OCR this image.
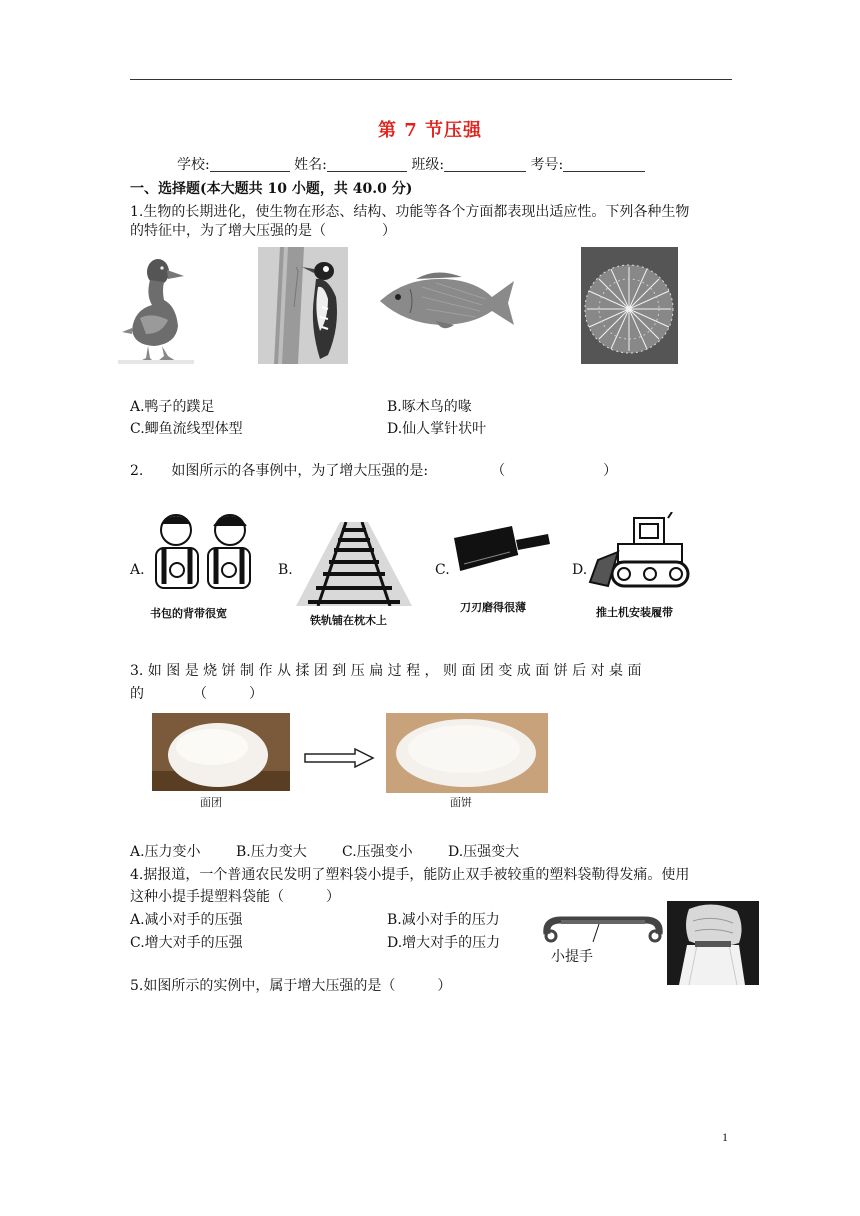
第 7 节压强
学校:	姓名:	班级:	考号:
一、选择题(本大题共 10 小题，共 40.0 分)
1.生物的长期进化，使生物在形态、结构、功能等各个方面都表现出适应性。下列各种生物
的特征中，为了增大压强的是（　　　　）
A.鸭子的蹼足	B.啄木鸟的喙
C.鲫鱼流线型体型	D.仙人掌针状叶
2.　　如图所示的各事例中，为了增大压强的是:　　　　　（　　　　　　　）
A.
书包的背带很宽
B.
铁轨铺在枕木上
C.
刀刃磨得很薄
D.
推土机安装履带
3. 如 图 是 烧 饼 制 作 从 揉 团 到 压 扁 过 程 ， 则 面 团 变 成 面 饼 后 对 桌 面
的　　　　（　　　）
面团	面饼
A.压力变小	B.压力变大	C.压强变小	D.压强变大
4.据报道，一个普通农民发明了塑料袋小提手，能防止双手被较重的塑料袋勒得发痛。使用
这种小提手提塑料袋能（　　　）
A.减小对手的压强	B.减小对手的压力
C.增大对手的压强	D.增大对手的压力
小提手
5.如图所示的实例中，属于增大压强的是（　　　）
1
